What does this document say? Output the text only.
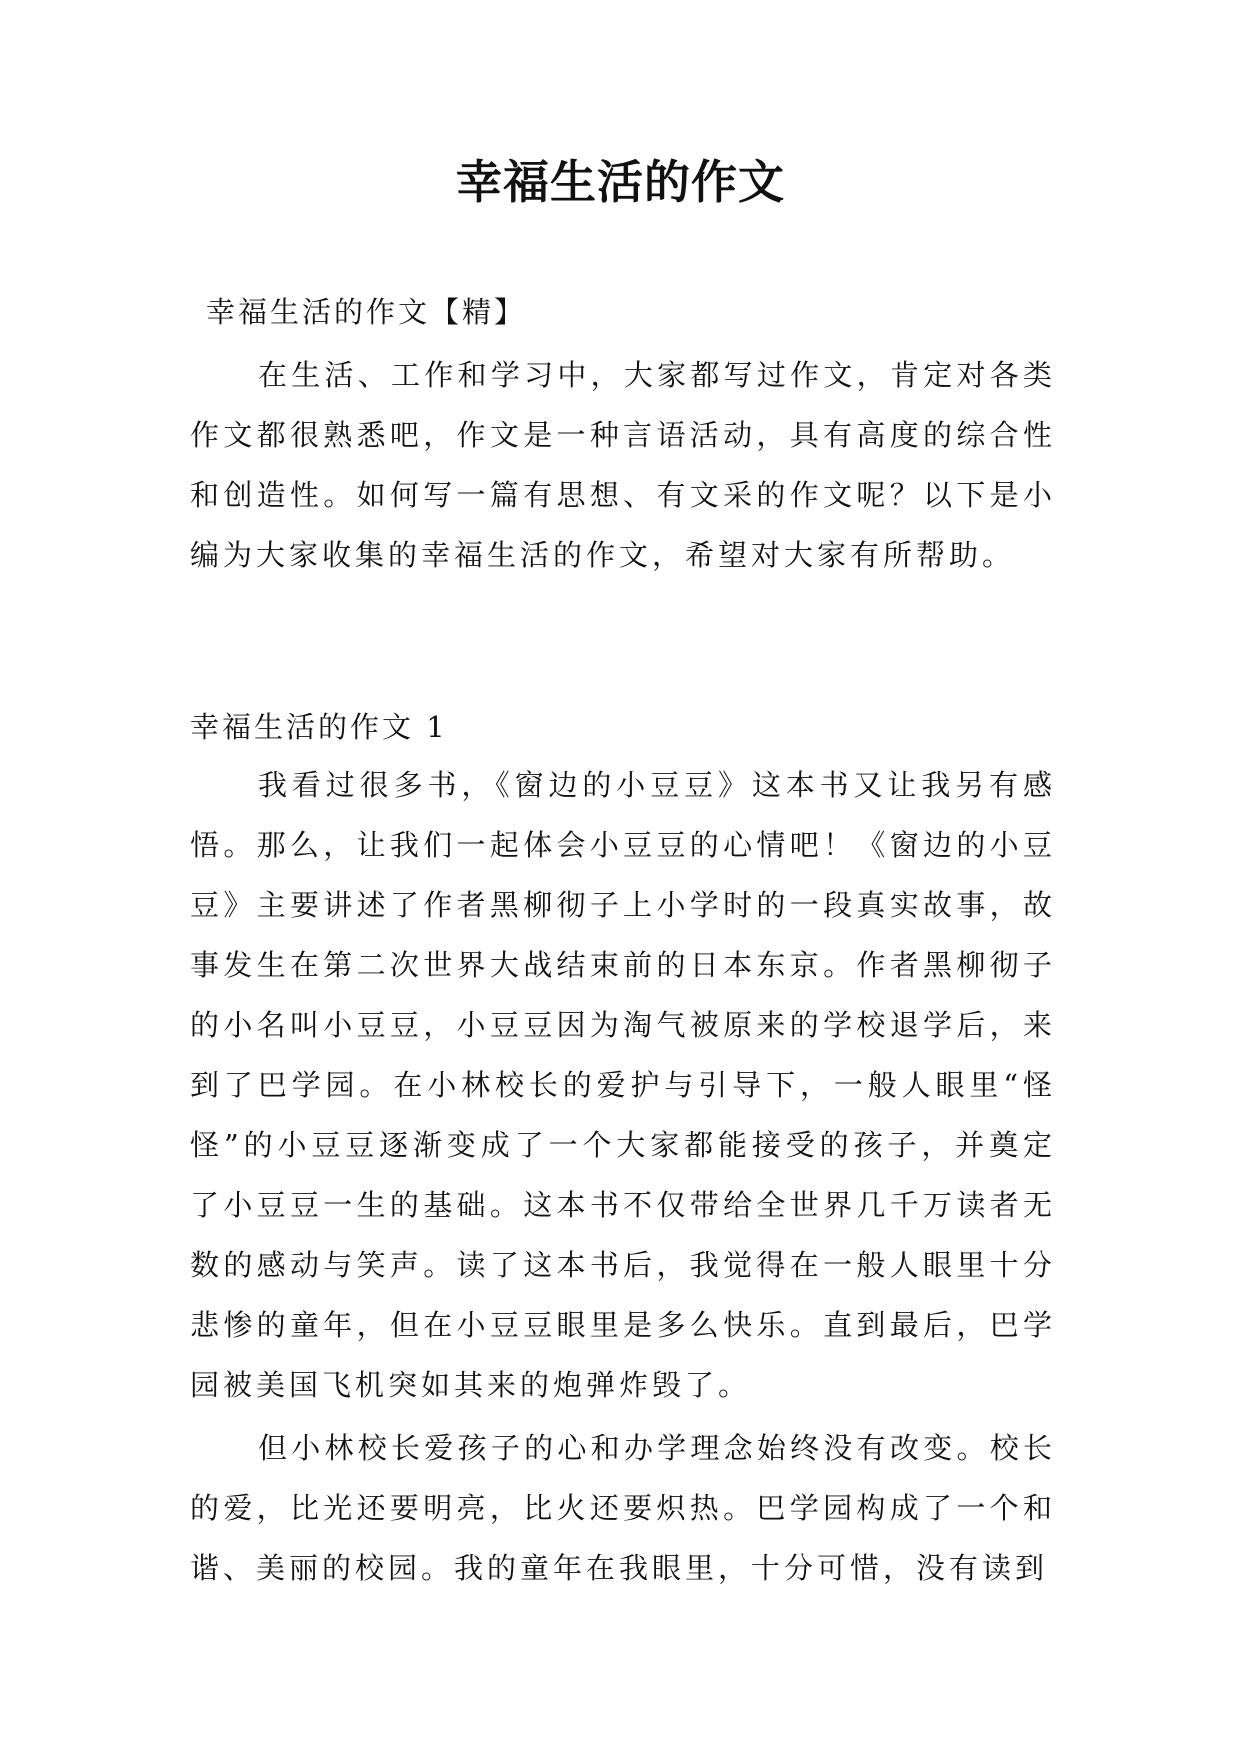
幸福生活的作文

幸福生活的作文【精】

在生活、工作和学习中，大家都写过作文，肯定对各类作文都很熟悉吧，作文是一种言语活动，具有高度的综合性和创造性。如何写一篇有思想、有文采的作文呢？以下是小编为大家收集的幸福生活的作文，希望对大家有所帮助。

幸福生活的作文 1

我看过很多书，《窗边的小豆豆》这本书又让我另有感悟。那么，让我们一起体会小豆豆的心情吧！《窗边的小豆豆》主要讲述了作者黑柳彻子上小学时的一段真实故事，故事发生在第二次世界大战结束前的日本东京。作者黑柳彻子的小名叫小豆豆，小豆豆因为淘气被原来的学校退学后，来到了巴学园。在小林校长的爱护与引导下，一般人眼里“怪怪”的小豆豆逐渐变成了一个大家都能接受的孩子，并奠定了小豆豆一生的基础。这本书不仅带给全世界几千万读者无数的感动与笑声。读了这本书后，我觉得在一般人眼里十分悲惨的童年，但在小豆豆眼里是多么快乐。直到最后，巴学园被美国飞机突如其来的炮弹炸毁了。

但小林校长爱孩子的心和办学理念始终没有改变。校长的爱，比光还要明亮，比火还要炽热。巴学园构成了一个和谐、美丽的校园。我的童年在我眼里，十分可惜，没有读到
